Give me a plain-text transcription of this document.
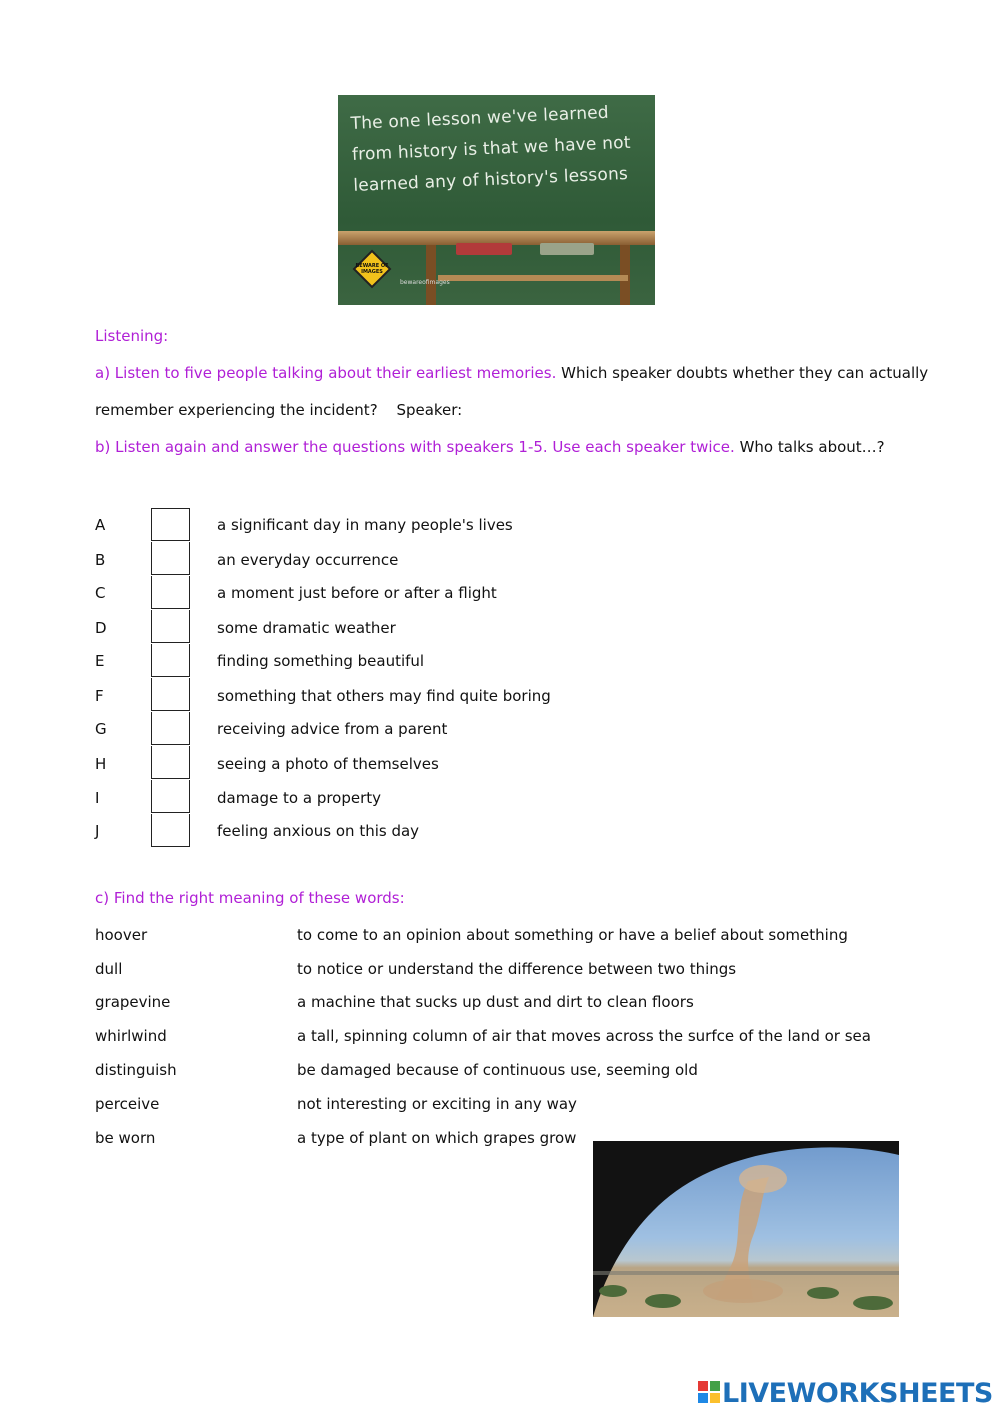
The one lesson we've learned from history is that we have not learned any of history's lessons
BEWARE OF IMAGES
bewareofimages
Listening:
a) Listen to five people talking about their earliest memories. Which speaker doubts whether they can actually
remember experiencing the incident? Speaker:
b) Listen again and answer the questions with speakers 1-5. Use each speaker twice. Who talks about…?
A	a significant day in many people's lives
B	an everyday occurrence
C	a moment just before or after a flight
D	some dramatic weather
E	finding something beautiful
F	something that others may find quite boring
G	receiving advice from a parent
H	seeing a photo of themselves
I	damage to a property
J	feeling anxious on this day
c) Find the right meaning of these words:
hoover	to come to an opinion about something or have a belief about something
dull	to notice or understand the difference between two things
grapevine	a machine that sucks up dust and dirt to clean floors
whirlwind	a tall, spinning column of air that moves across the surfce of the land or sea
distinguish	be damaged because of continuous use, seeming old
perceive	not interesting or exciting in any way
be worn	a type of plant on which grapes grow
LIVEWORKSHEETS
